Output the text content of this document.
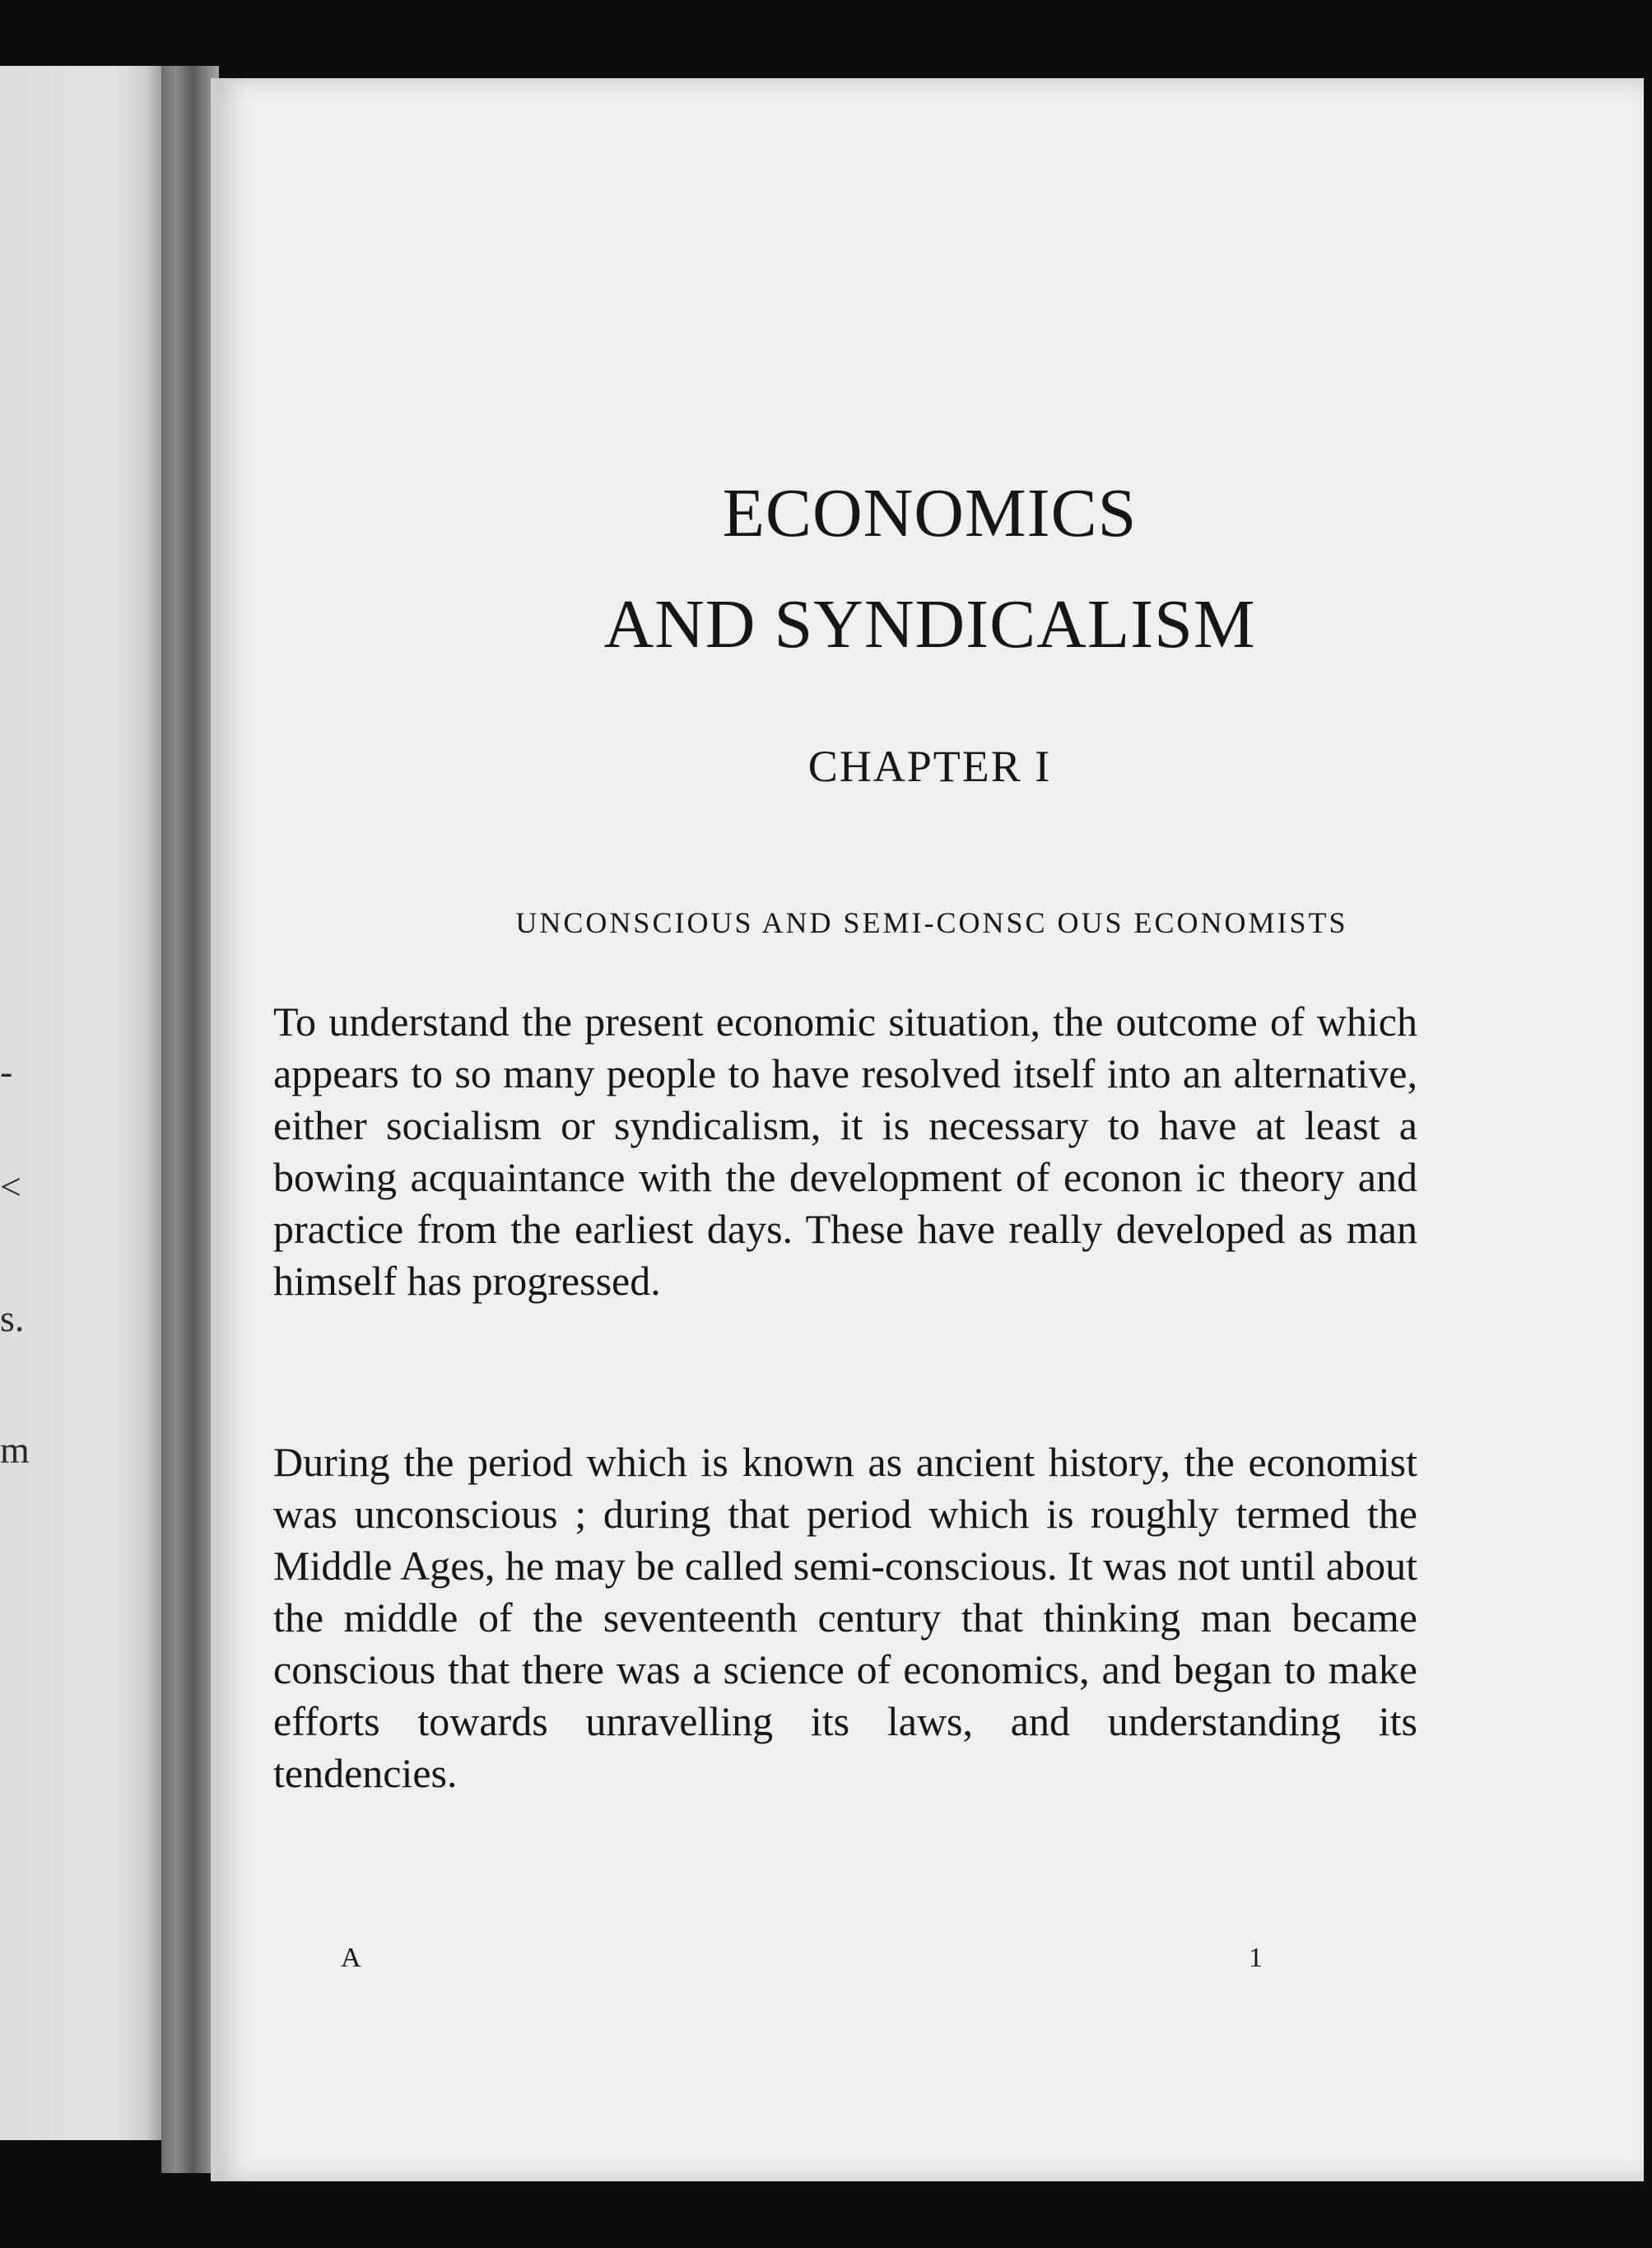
-
<
s.
m
ECONOMICS
AND SYNDICALISM
CHAPTER I
UNCONSCIOUS AND SEMI-CONSC OUS ECONOMISTS

To understand the present economic situation, the outcome of which appears to so many people to have resolved itself into an alternative, either socialism or syndicalism, it is necessary to have at least a bowing acquaintance with the development of econon ic theory and practice from the earliest days. These have really developed as man himself has progressed.

During the period which is known as ancient history, the economist was unconscious ; during that period which is roughly termed the Middle Ages, he may be called semi-conscious. It was not until about the middle of the seventeenth century that thinking man became conscious that there was a science of economics, and began to make efforts towards unravelling its laws, and understanding its tendencies.

A	1
